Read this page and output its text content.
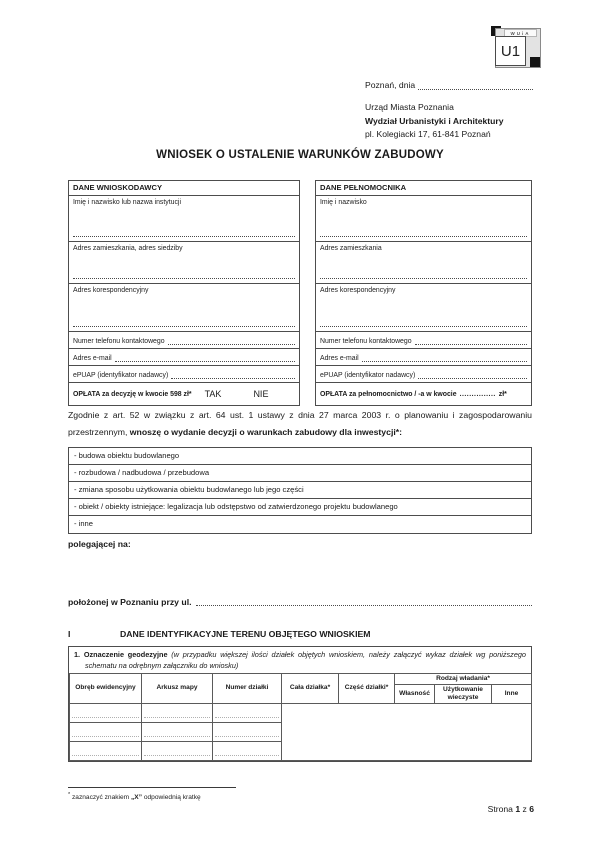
WUiA
U1
Poznań, dnia
Urząd Miasta Poznania
Wydział Urbanistyki i Architektury
pl. Kolegiacki 17, 61-841 Poznań
WNIOSEK O USTALENIE WARUNKÓW ZABUDOWY
DANE WNIOSKODAWCY
Imię i nazwisko lub nazwa instytucji
Adres zamieszkania, adres siedziby
Adres korespondencyjny
Numer telefonu kontaktowego
Adres e-mail
ePUAP (identyfikator nadawcy)
OPŁATA za decyzję w kwocie 598 zł* TAK	NIE
DANE PEŁNOMOCNIKA
Imię i nazwisko
Adres zamieszkania
Adres korespondencyjny
Numer telefonu kontaktowego
Adres e-mail
ePUAP (identyfikator nadawcy)
OPŁATA za pełnomocnictwo / -a w kwocie ............... zł*
Zgodnie z art. 52 w związku z art. 64 ust. 1 ustawy z dnia 27 marca 2003 r. o planowaniu i zagospodarowaniu przestrzennym, wnoszę o wydanie decyzji o warunkach zabudowy dla inwestycji*:
- budowa obiektu budowlanego
- rozbudowa / nadbudowa / przebudowa
- zmiana sposobu użytkowania obiektu budowlanego lub jego części
- obiekt / obiekty istniejące: legalizacja lub odstępstwo od zatwierdzonego projektu budowlanego
- inne
polegającej na:
położonej w Poznaniu przy ul.
I	DANE IDENTYFIKACYJNE TERENU OBJĘTEGO WNIOSKIEM
1. Oznaczenie geodezyjne (w przypadku większej ilości działek objętych wnioskiem, należy załączyć wykaz działek wg poniższego schematu na odrębnym załączniku do wniosku)
Obręb ewidencyjny	Arkusz mapy	Numer działki	Cała działka*	Część działki*	Rodzaj władania*		
					Własność	Użytkowanie wieczyste	Inne

* zaznaczyć znakiem „X” odpowiednią kratkę
Strona 1 z 6
